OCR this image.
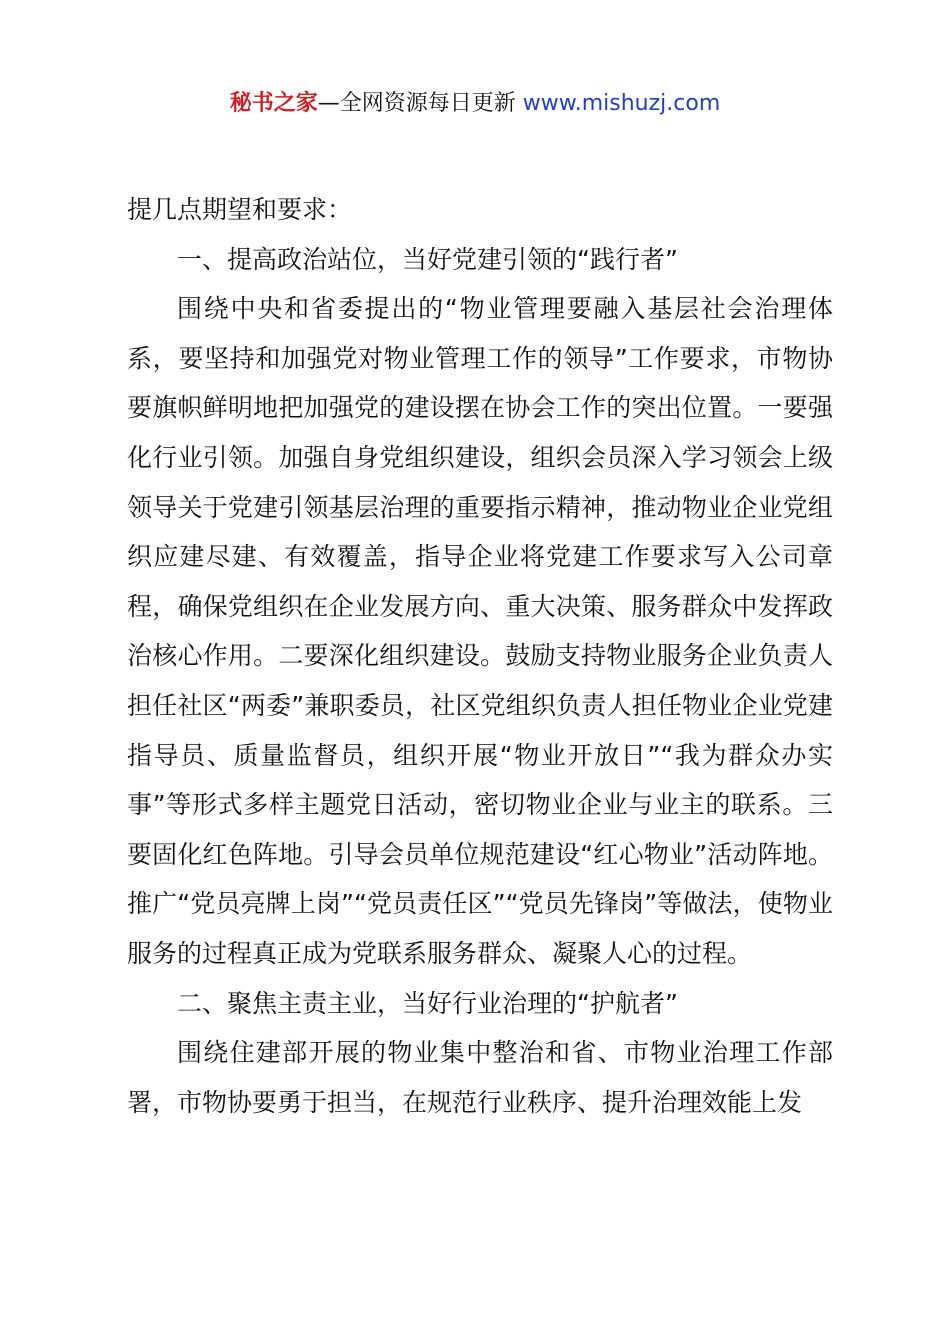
秘书之家—全网资源每日更新 www.mishuzj.com

提几点期望和要求：

一、提高政治站位，当好党建引领的“践行者”

围绕中央和省委提出的“物业管理要融入基层社会治理体系，要坚持和加强党对物业管理工作的领导”工作要求，市物协要旗帜鲜明地把加强党的建设摆在协会工作的突出位置。一要强化行业引领。加强自身党组织建设，组织会员深入学习领会上级领导关于党建引领基层治理的重要指示精神，推动物业企业党组织应建尽建、有效覆盖，指导企业将党建工作要求写入公司章程，确保党组织在企业发展方向、重大决策、服务群众中发挥政治核心作用。二要深化组织建设。鼓励支持物业服务企业负责人担任社区“两委”兼职委员，社区党组织负责人担任物业企业党建指导员、质量监督员，组织开展“物业开放日”“我为群众办实事”等形式多样主题党日活动，密切物业企业与业主的联系。三要固化红色阵地。引导会员单位规范建设“红心物业”活动阵地。推广“党员亮牌上岗”“党员责任区”“党员先锋岗”等做法，使物业服务的过程真正成为党联系服务群众、凝聚人心的过程。

二、聚焦主责主业，当好行业治理的“护航者”

围绕住建部开展的物业集中整治和省、市物业治理工作部署，市物协要勇于担当，在规范行业秩序、提升治理效能上发
